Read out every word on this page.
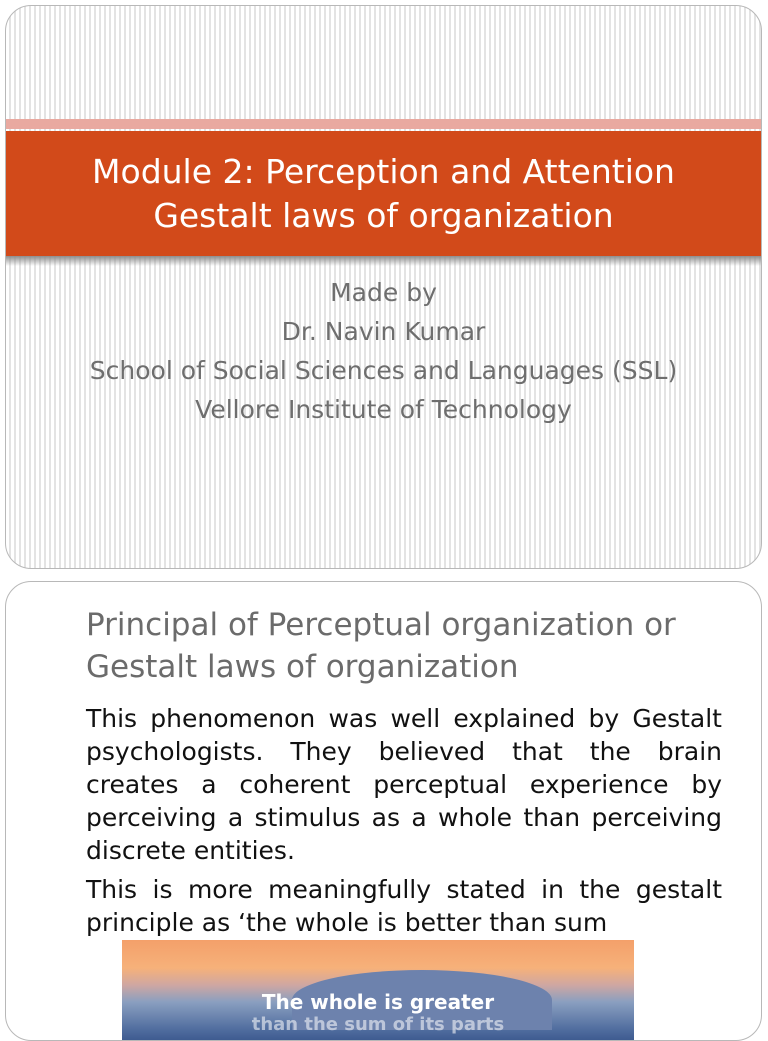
Module 2: Perception and Attention
Gestalt laws of organization
Made by
Dr. Navin Kumar
School of Social Sciences and Languages (SSL)
Vellore Institute of Technology
Principal of Perceptual organization or Gestalt laws of organization

This phenomenon was well explained by Gestalt psychologists. They believed that the brain creates a coherent perceptual experience by perceiving a stimulus as a whole than perceiving discrete entities.

This is more meaningfully stated in the gestalt principle as ‘the whole is better than sum

The whole is greater
than the sum of its parts
